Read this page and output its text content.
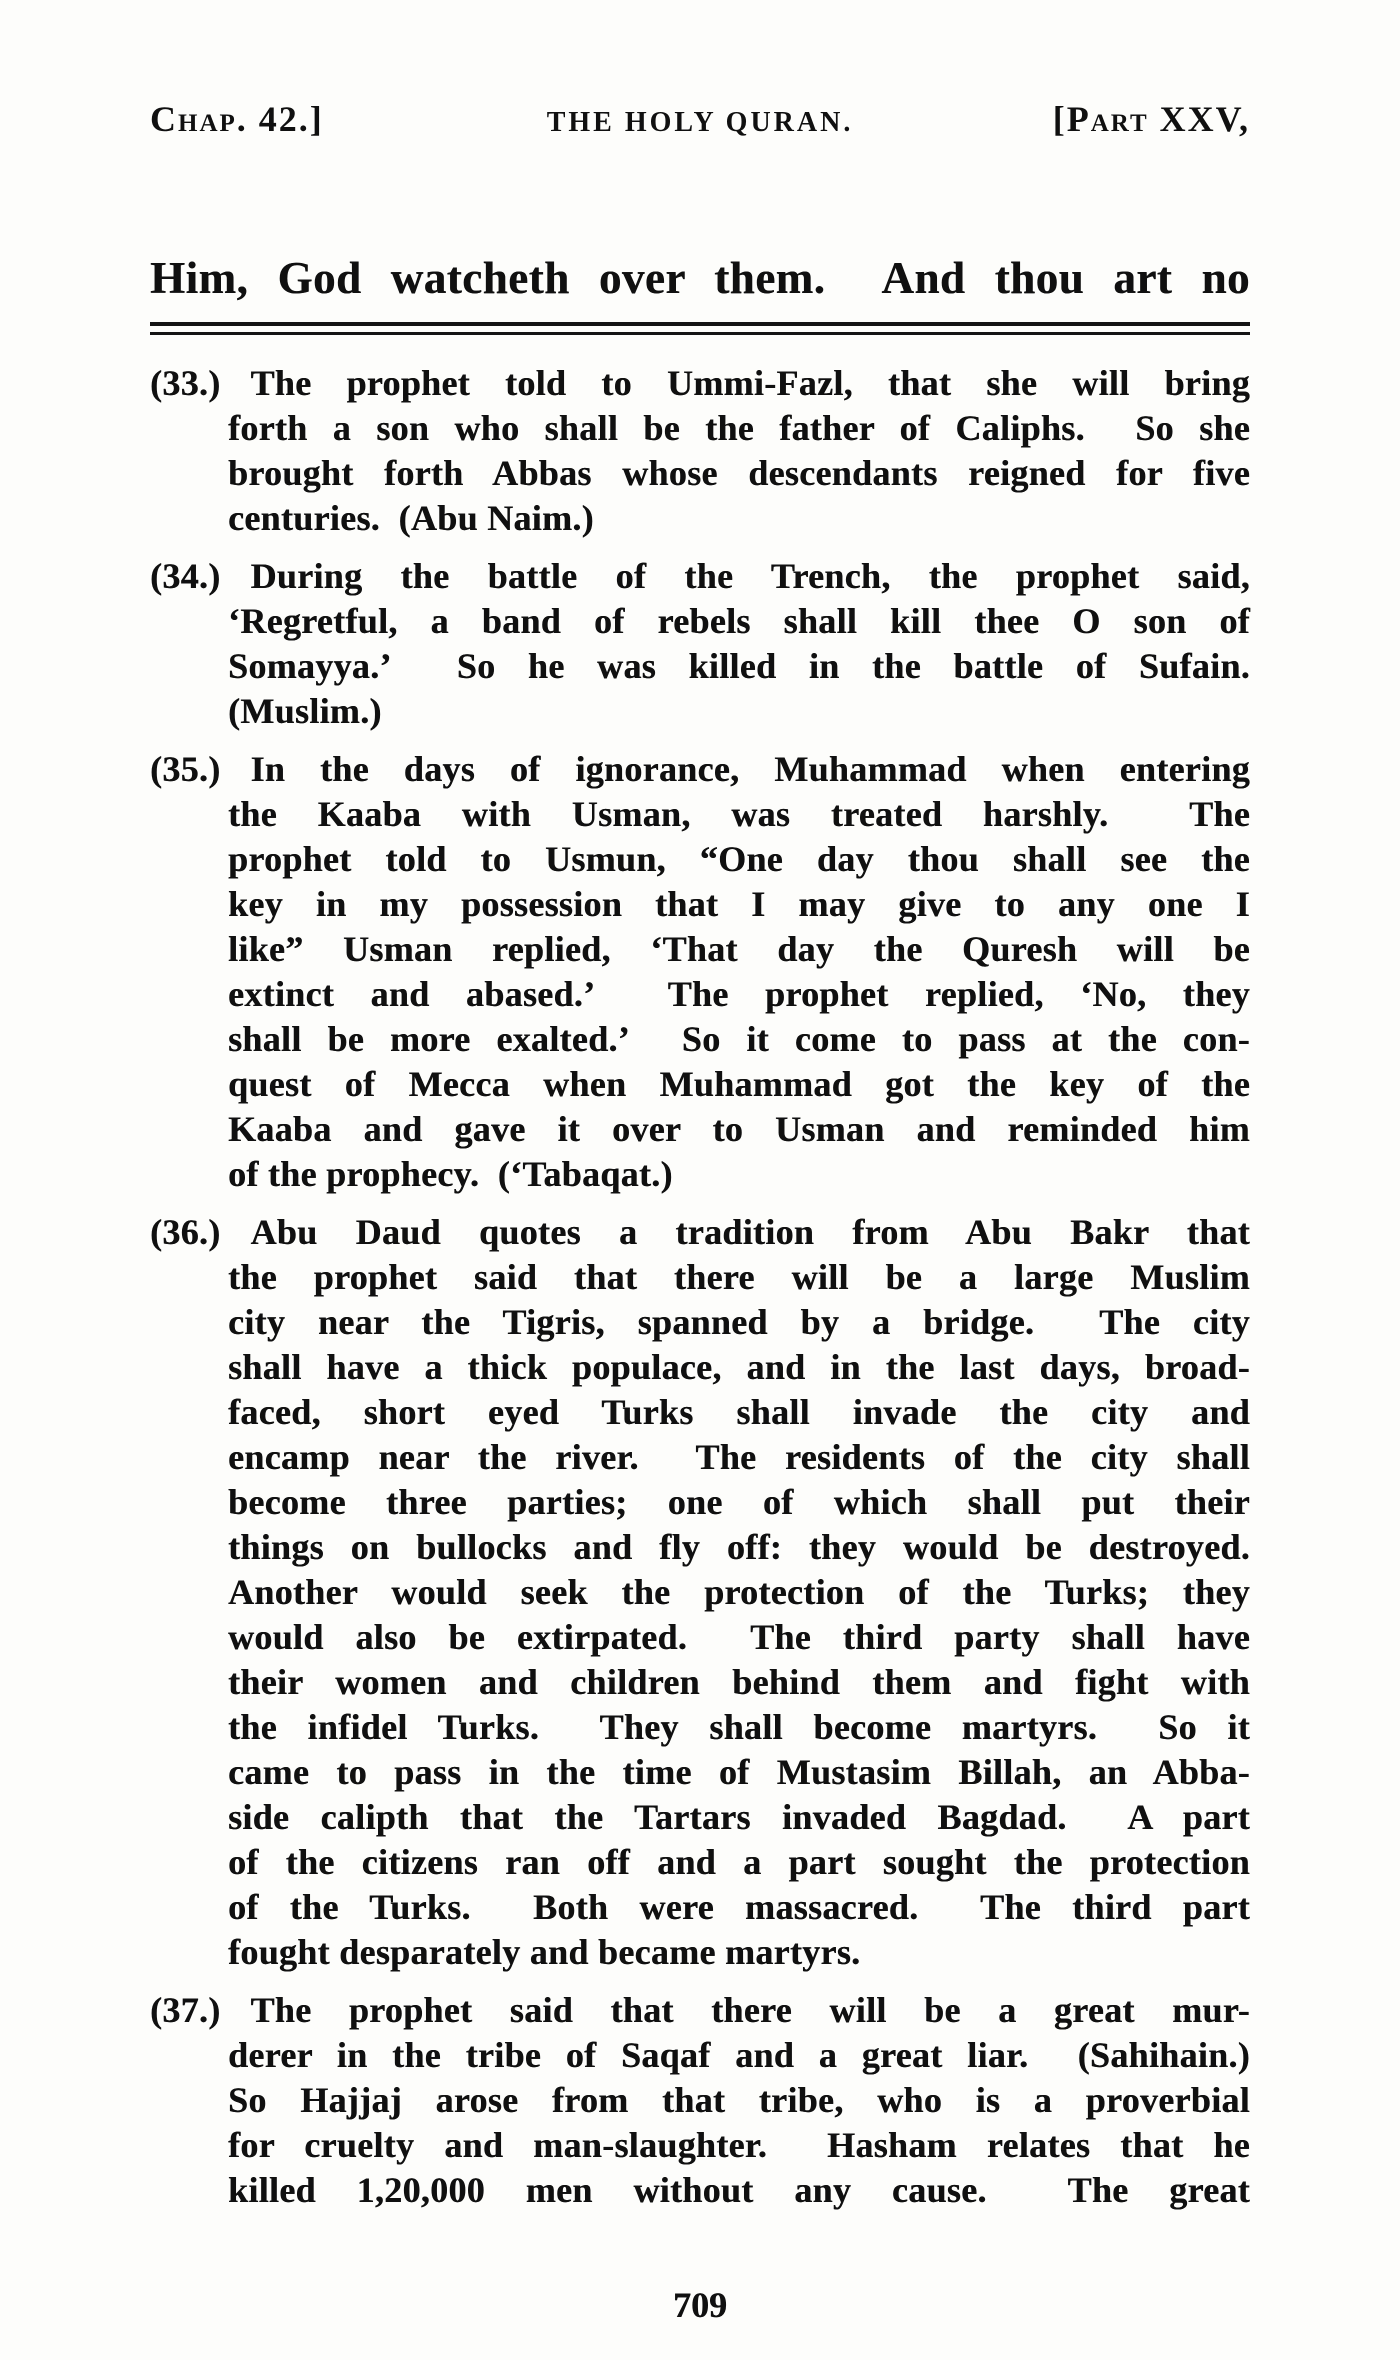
Chap. 42.]	THE HOLY QURAN.	[Part XXV,
Him, God watcheth over them.  And thou art no
(33.) The prophet told to Ummi-Fazl, that she will bring
forth a son who shall be the father of Caliphs.  So she
brought forth Abbas whose descendants reigned for five
centuries.  (Abu Naim.)
(34.) During the battle of the Trench, the prophet said,
‘Regretful, a band of rebels shall kill thee O son of
Somayya.’  So he was killed in the battle of Sufain.
(Muslim.)
(35.) In the days of ignorance, Muhammad when entering
the Kaaba with Usman, was treated harshly.  The
prophet told to Usmun, “One day thou shall see the
key in my possession that I may give to any one I
like” Usman replied, ‘That day the Quresh will be
extinct and abased.’  The prophet replied, ‘No, they
shall be more exalted.’  So it come to pass at the con-
quest of Mecca when Muhammad got the key of the
Kaaba and gave it over to Usman and reminded him
of the prophecy.  (‘Tabaqat.)
(36.) Abu Daud quotes a tradition from Abu Bakr that
the prophet said that there will be a large Muslim
city near the Tigris, spanned by a bridge.  The city
shall have a thick populace, and in the last days, broad-
faced, short eyed Turks shall invade the city and
encamp near the river.  The residents of the city shall
become three parties; one of which shall put their
things on bullocks and fly off: they would be destroyed.
Another would seek the protection of the Turks; they
would also be extirpated.  The third party shall have
their women and children behind them and fight with
the infidel Turks.  They shall become martyrs.  So it
came to pass in the time of Mustasim Billah, an Abba-
side calipth that the Tartars invaded Bagdad.  A part
of the citizens ran off and a part sought the protection
of the Turks.  Both were massacred.  The third part
fought desparately and became martyrs.
(37.) The prophet said that there will be a great mur-
derer in the tribe of Saqaf and a great liar.  (Sahihain.)
So Hajjaj arose from that tribe, who is a proverbial
for cruelty and man-slaughter.  Hasham relates that he
killed 1,20,000 men without any cause.  The great
709
